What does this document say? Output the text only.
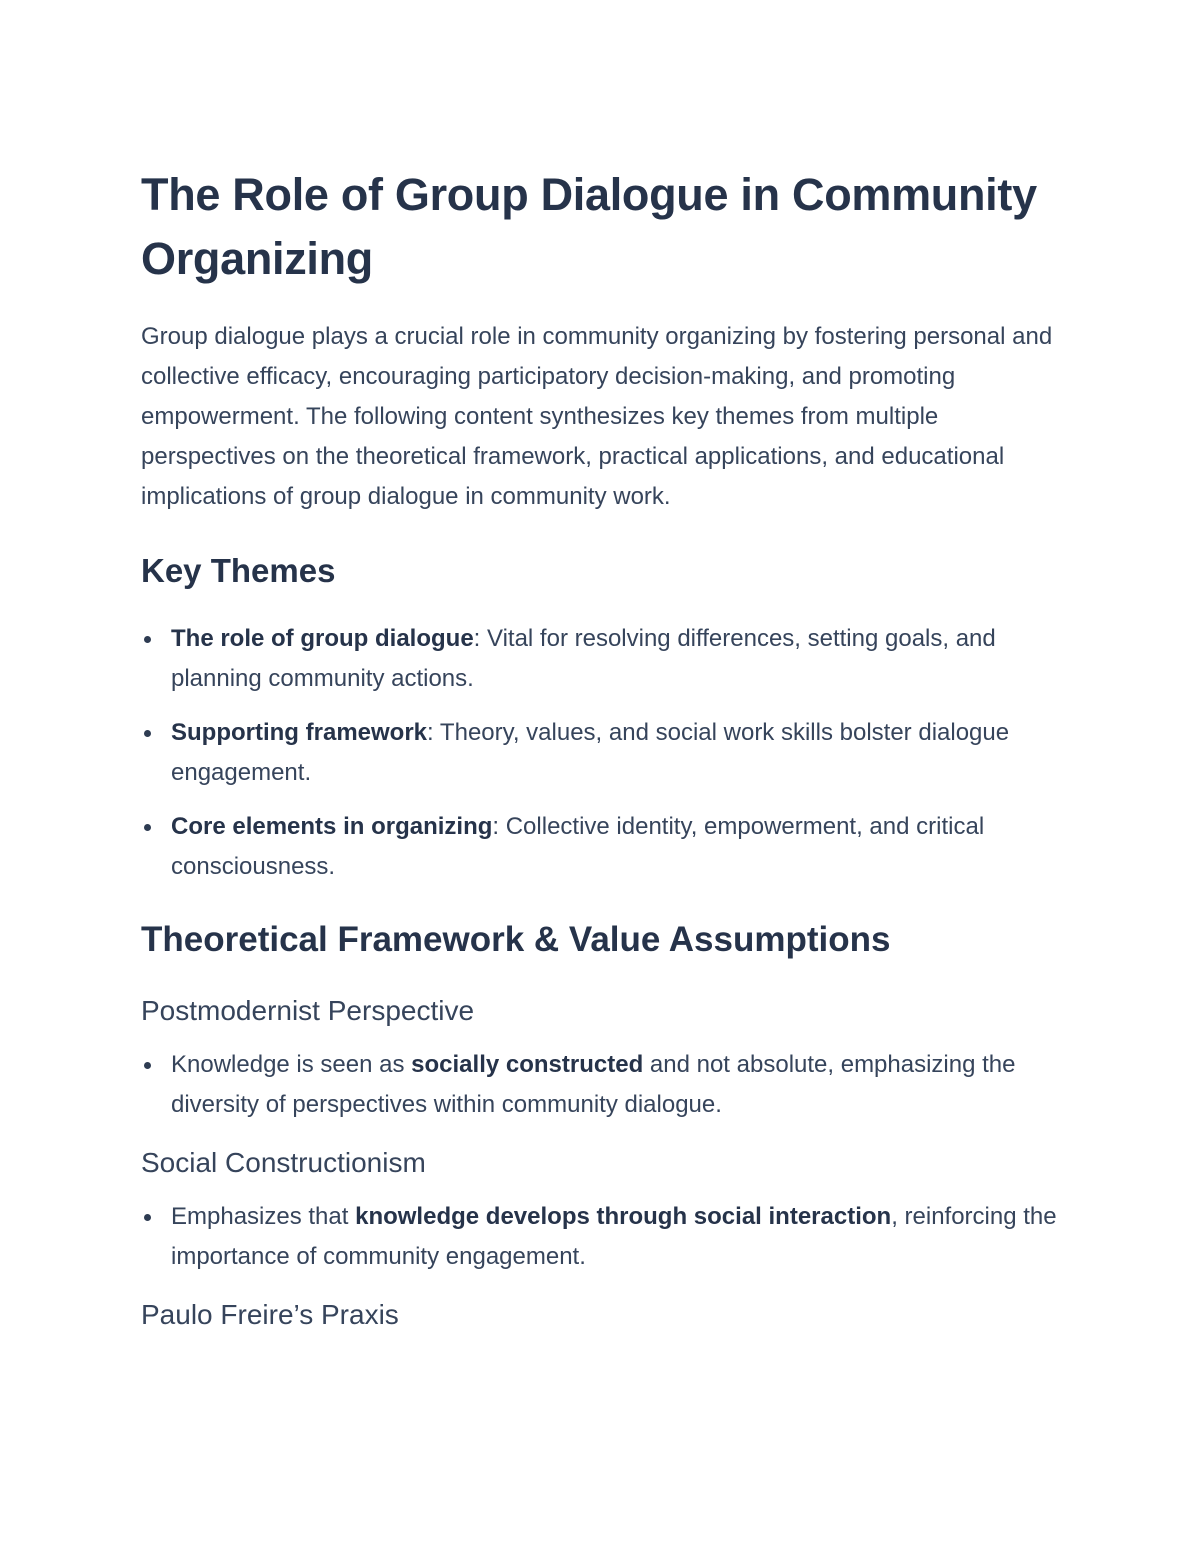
The Role of Group Dialogue in Community Organizing

Group dialogue plays a crucial role in community organizing by fostering personal and collective efficacy, encouraging participatory decision-making, and promoting empowerment. The following content synthesizes key themes from multiple perspectives on the theoretical framework, practical applications, and educational implications of group dialogue in community work.

Key Themes
The role of group dialogue: Vital for resolving differences, setting goals, and planning community actions.
Supporting framework: Theory, values, and social work skills bolster dialogue engagement.
Core elements in organizing: Collective identity, empowerment, and critical consciousness.
Theoretical Framework & Value Assumptions
Postmodernist Perspective
Knowledge is seen as socially constructed and not absolute, emphasizing the diversity of perspectives within community dialogue.
Social Constructionism
Emphasizes that knowledge develops through social interaction, reinforcing the importance of community engagement.
Paulo Freire’s Praxis
